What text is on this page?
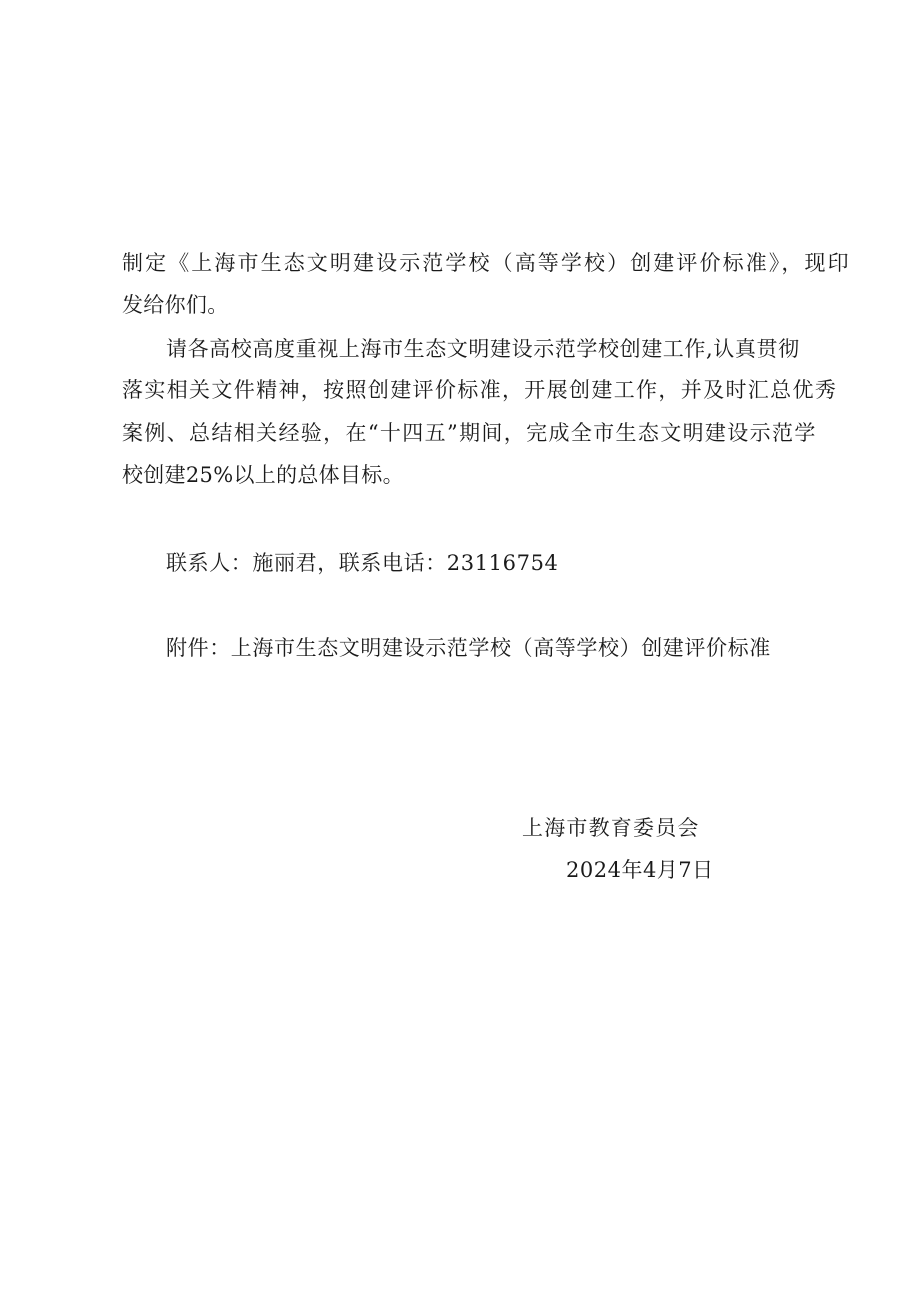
制定《上海市生态文明建设示范学校（高等学校）创建评价标准》，现印
发给你们。
请各高校高度重视上海市生态文明建设示范学校创建工作,认真贯彻
落实相关文件精神，按照创建评价标准，开展创建工作，并及时汇总优秀
案例、总结相关经验，在“十四五”期间，完成全市生态文明建设示范学
校创建25%以上的总体目标。
联系人：施丽君，联系电话：23116754
附件：上海市生态文明建设示范学校（高等学校）创建评价标准
上海市教育委员会
2024年4月7日
